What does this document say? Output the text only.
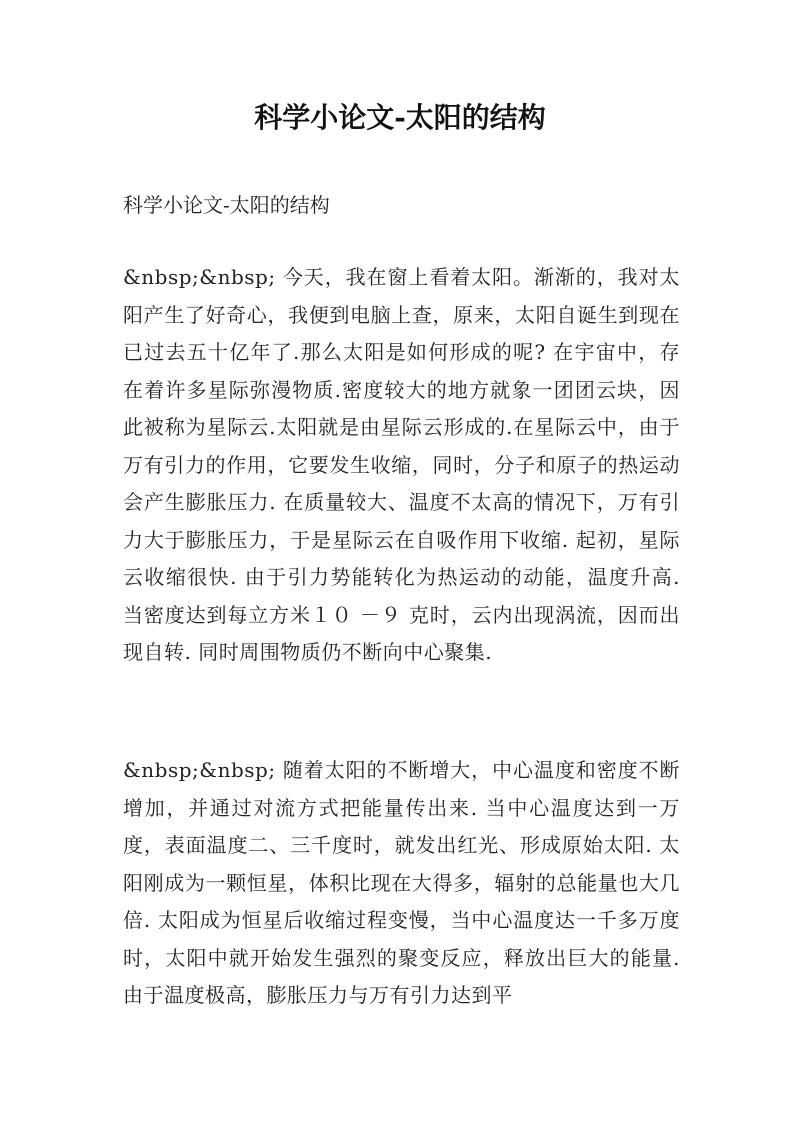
科学小论文-太阳的结构
科学小论文-太阳的结构
&nbsp;&nbsp; 今天，我在窗上看着太阳。渐渐的，我对太阳产生了好奇心，我便到电脑上查，原来，太阳自诞生到现在已过去五十亿年了.那么太阳是如何形成的呢? 在宇宙中，存在着许多星际弥漫物质.密度较大的地方就象一团团云块，因此被称为星际云.太阳就是由星际云形成的.在星际云中，由于万有引力的作用，它要发生收缩，同时，分子和原子的热运动会产生膨胀压力. 在质量较大、温度不太高的情况下，万有引力大于膨胀压力，于是星际云在自吸作用下收缩. 起初，星际云收缩很快. 由于引力势能转化为热运动的动能，温度升高. 当密度达到每立方米１０ －９ 克时，云内出现涡流，因而出现自转. 同时周围物质仍不断向中心聚集.
&nbsp;&nbsp; 随着太阳的不断增大，中心温度和密度不断增加，并通过对流方式把能量传出来. 当中心温度达到一万度，表面温度二、三千度时，就发出红光、形成原始太阳. 太阳刚成为一颗恒星，体积比现在大得多，辐射的总能量也大几倍. 太阳成为恒星后收缩过程变慢，当中心温度达一千多万度时，太阳中就开始发生强烈的聚变反应，释放出巨大的能量. 由于温度极高，膨胀压力与万有引力达到平
